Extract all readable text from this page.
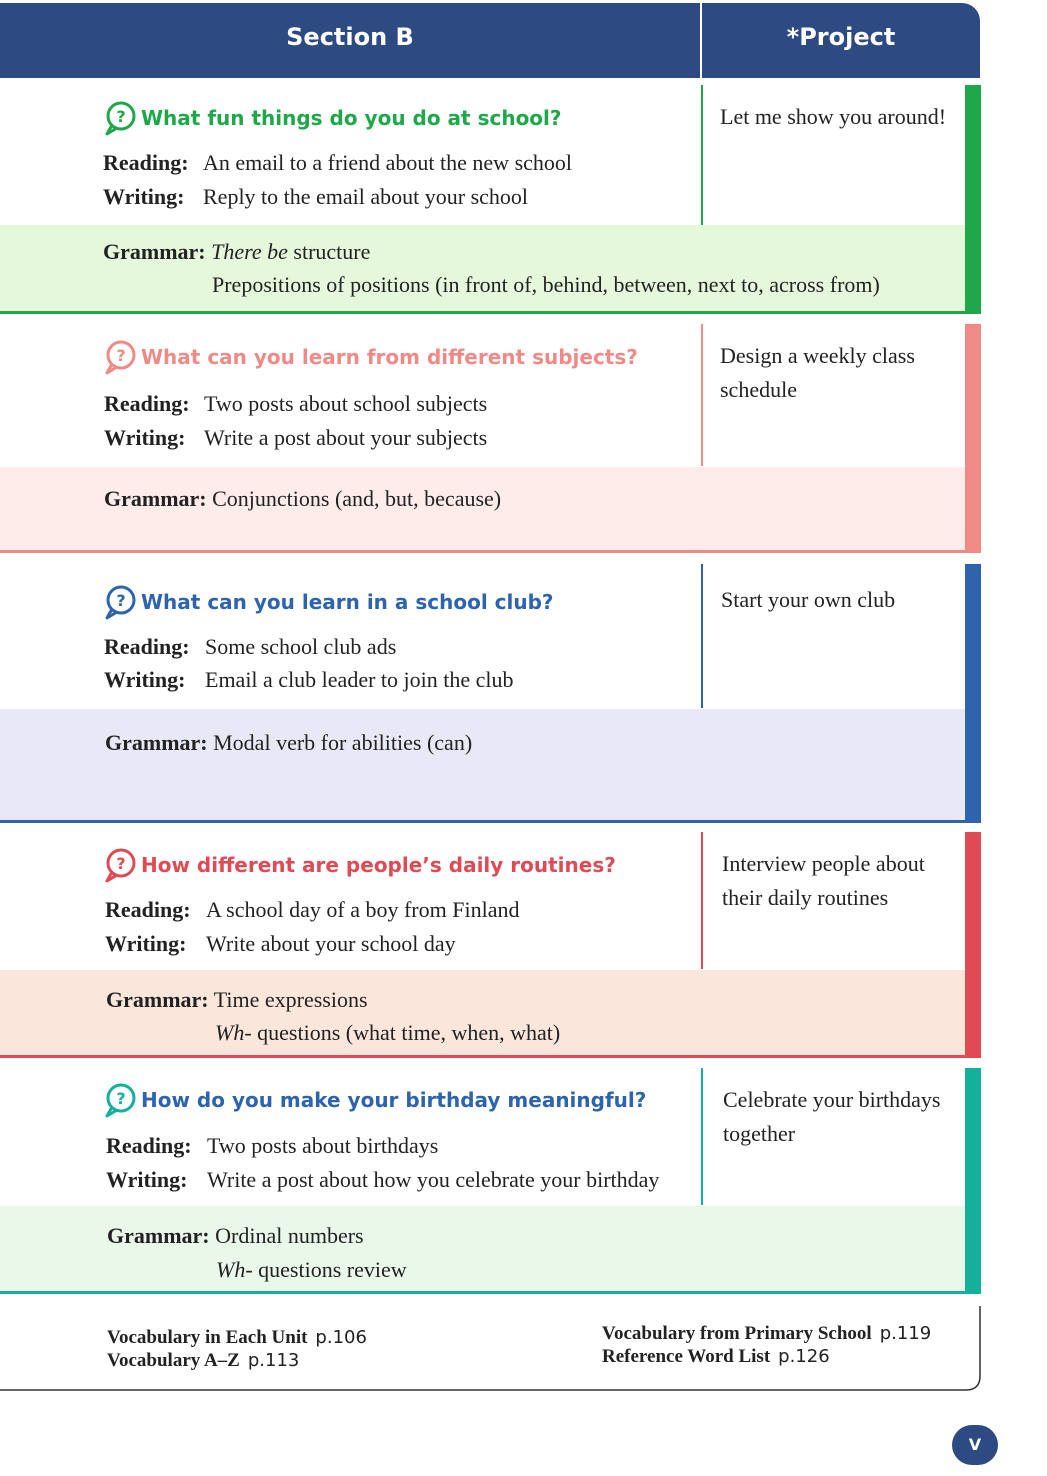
Section B	*Project
? What fun things do you do at school?
Reading: An email to a friend about the new school
Writing: Reply to the email about your school
Grammar: There be structure
Prepositions of positions (in front of, behind, between, next to, across from)
Let me show you around!
? What can you learn from different subjects?
Reading: Two posts about school subjects
Writing: Write a post about your subjects
Grammar: Conjunctions (and, but, because)
Design a weekly class schedule
? What can you learn in a school club?
Reading: Some school club ads
Writing: Email a club leader to join the club
Grammar: Modal verb for abilities (can)
Start your own club
? How different are people’s daily routines?
Reading: A school day of a boy from Finland
Writing: Write about your school day
Grammar: Time expressions
Wh- questions (what time, when, what)
Interview people about their daily routines
? How do you make your birthday meaningful?
Reading: Two posts about birthdays
Writing: Write a post about how you celebrate your birthday
Grammar: Ordinal numbers
Wh- questions review
Celebrate your birthdays together
Vocabulary in Each Unit p.106
Vocabulary A–Z p.113
Vocabulary from Primary School p.119
Reference Word List p.126
V
